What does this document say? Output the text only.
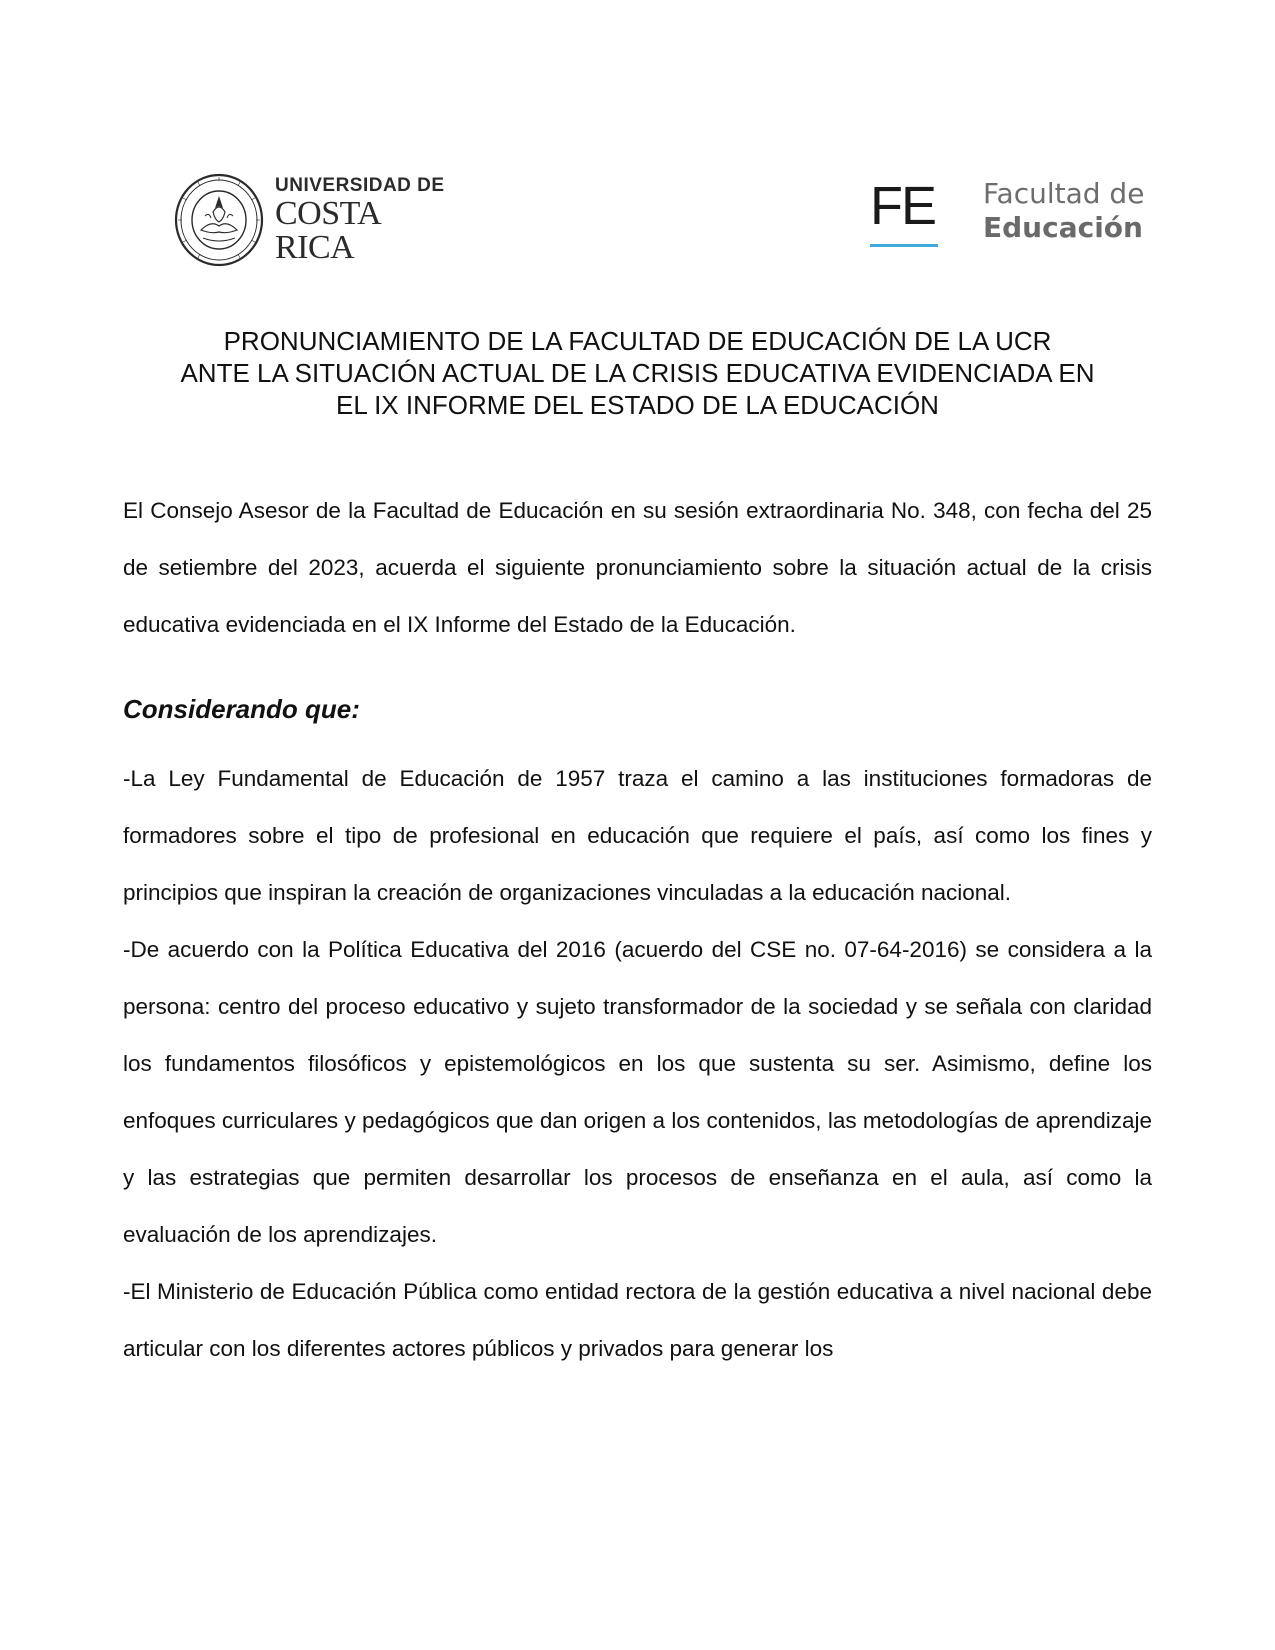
UNIVERSIDAD DE
COSTA RICA
FE Facultad de
Educación
PRONUNCIAMIENTO DE LA FACULTAD DE EDUCACIÓN DE LA UCR
ANTE LA SITUACIÓN ACTUAL DE LA CRISIS EDUCATIVA EVIDENCIADA EN
EL IX INFORME DEL ESTADO DE LA EDUCACIÓN
El Consejo Asesor de la Facultad de Educación en su sesión extraordinaria No. 348, con fecha del 25 de setiembre del 2023, acuerda el siguiente pronunciamiento sobre la situación actual de la crisis educativa evidenciada en el IX Informe del Estado de la Educación.
Considerando que:

-La Ley Fundamental de Educación de 1957 traza el camino a las instituciones formadoras de formadores sobre el tipo de profesional en educación que requiere el país, así como los fines y principios que inspiran la creación de organizaciones vinculadas a la educación nacional.

-De acuerdo con la Política Educativa del 2016 (acuerdo del CSE no. 07-64-2016) se considera a la persona: centro del proceso educativo y sujeto transformador de la sociedad y se señala con claridad los fundamentos filosóficos y epistemológicos en los que sustenta su ser. Asimismo, define los enfoques curriculares y pedagógicos que dan origen a los contenidos, las metodologías de aprendizaje y las estrategias que permiten desarrollar los procesos de enseñanza en el aula, así como la evaluación de los aprendizajes.

-El Ministerio de Educación Pública como entidad rectora de la gestión educativa a nivel nacional debe articular con los diferentes actores públicos y privados para generar los
